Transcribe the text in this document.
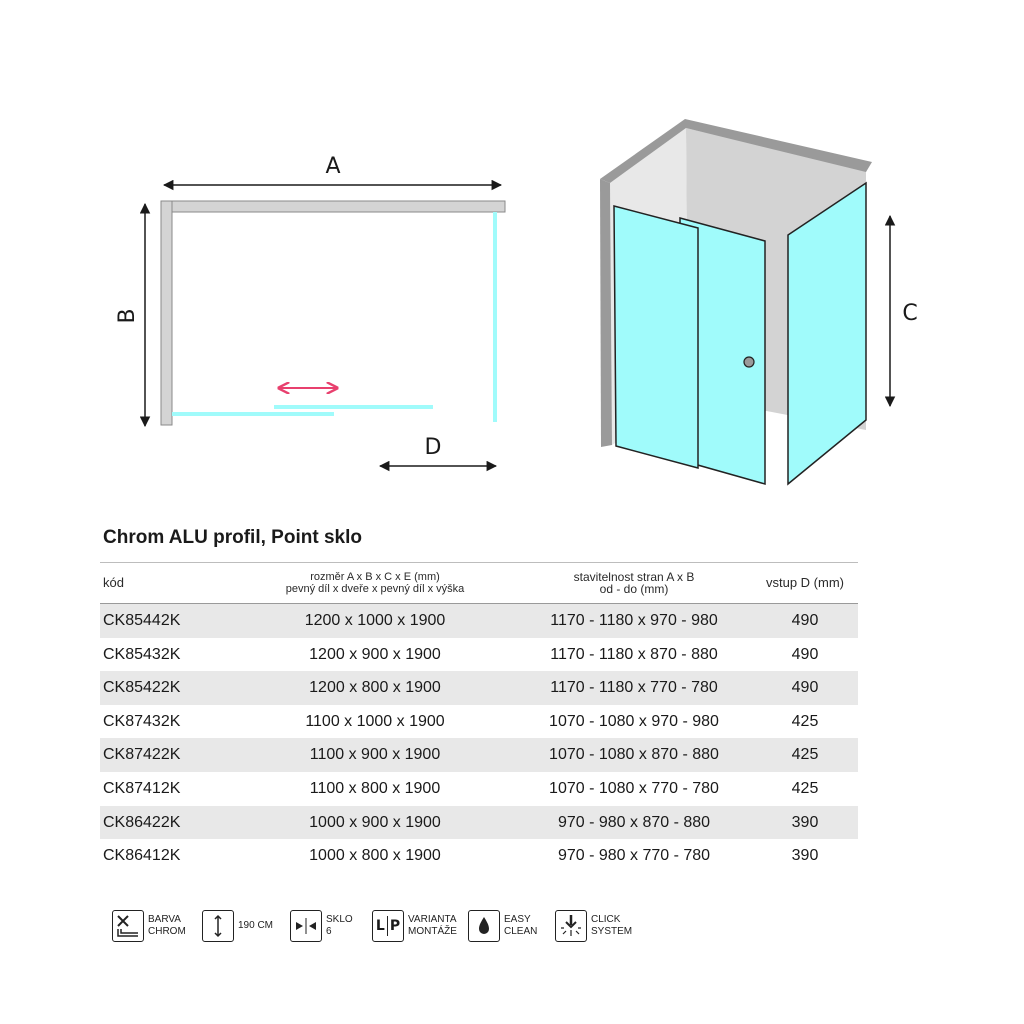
A
B
D
C
Chrom ALU profil, Point sklo
kód	rozměr A x B x C x E (mm)
pevný díl x dveře x pevný díl x výška
stavitelnost stran A x B
od - do (mm)	vstup D (mm)
CK85442K	1200 x 1000 x 1900	1170 - 1180 x 970 - 980	490
CK85432K	1200 x 900 x 1900	1170 - 1180 x 870 - 880	490
CK85422K	1200 x 800 x 1900	1170 - 1180 x 770 - 780	490
CK87432K	1100 x 1000 x 1900	1070 - 1080 x 970 - 980	425
CK87422K	1100 x 900 x 1900	1070 - 1080 x 870 - 880	425
CK87412K	1100 x 800 x 1900	1070 - 1080 x 770 - 780	425
CK86422K	1000 x 900 x 1900	970 - 980 x 870 - 880	390
CK86412K	1000 x 800 x 1900	970 - 980 x 770 - 780	390
BARVA
CHROM
190 CM
SKLO
6	L P VARIANTA
MONTÁŽE
EASY
CLEAN
CLICK
SYSTEM
